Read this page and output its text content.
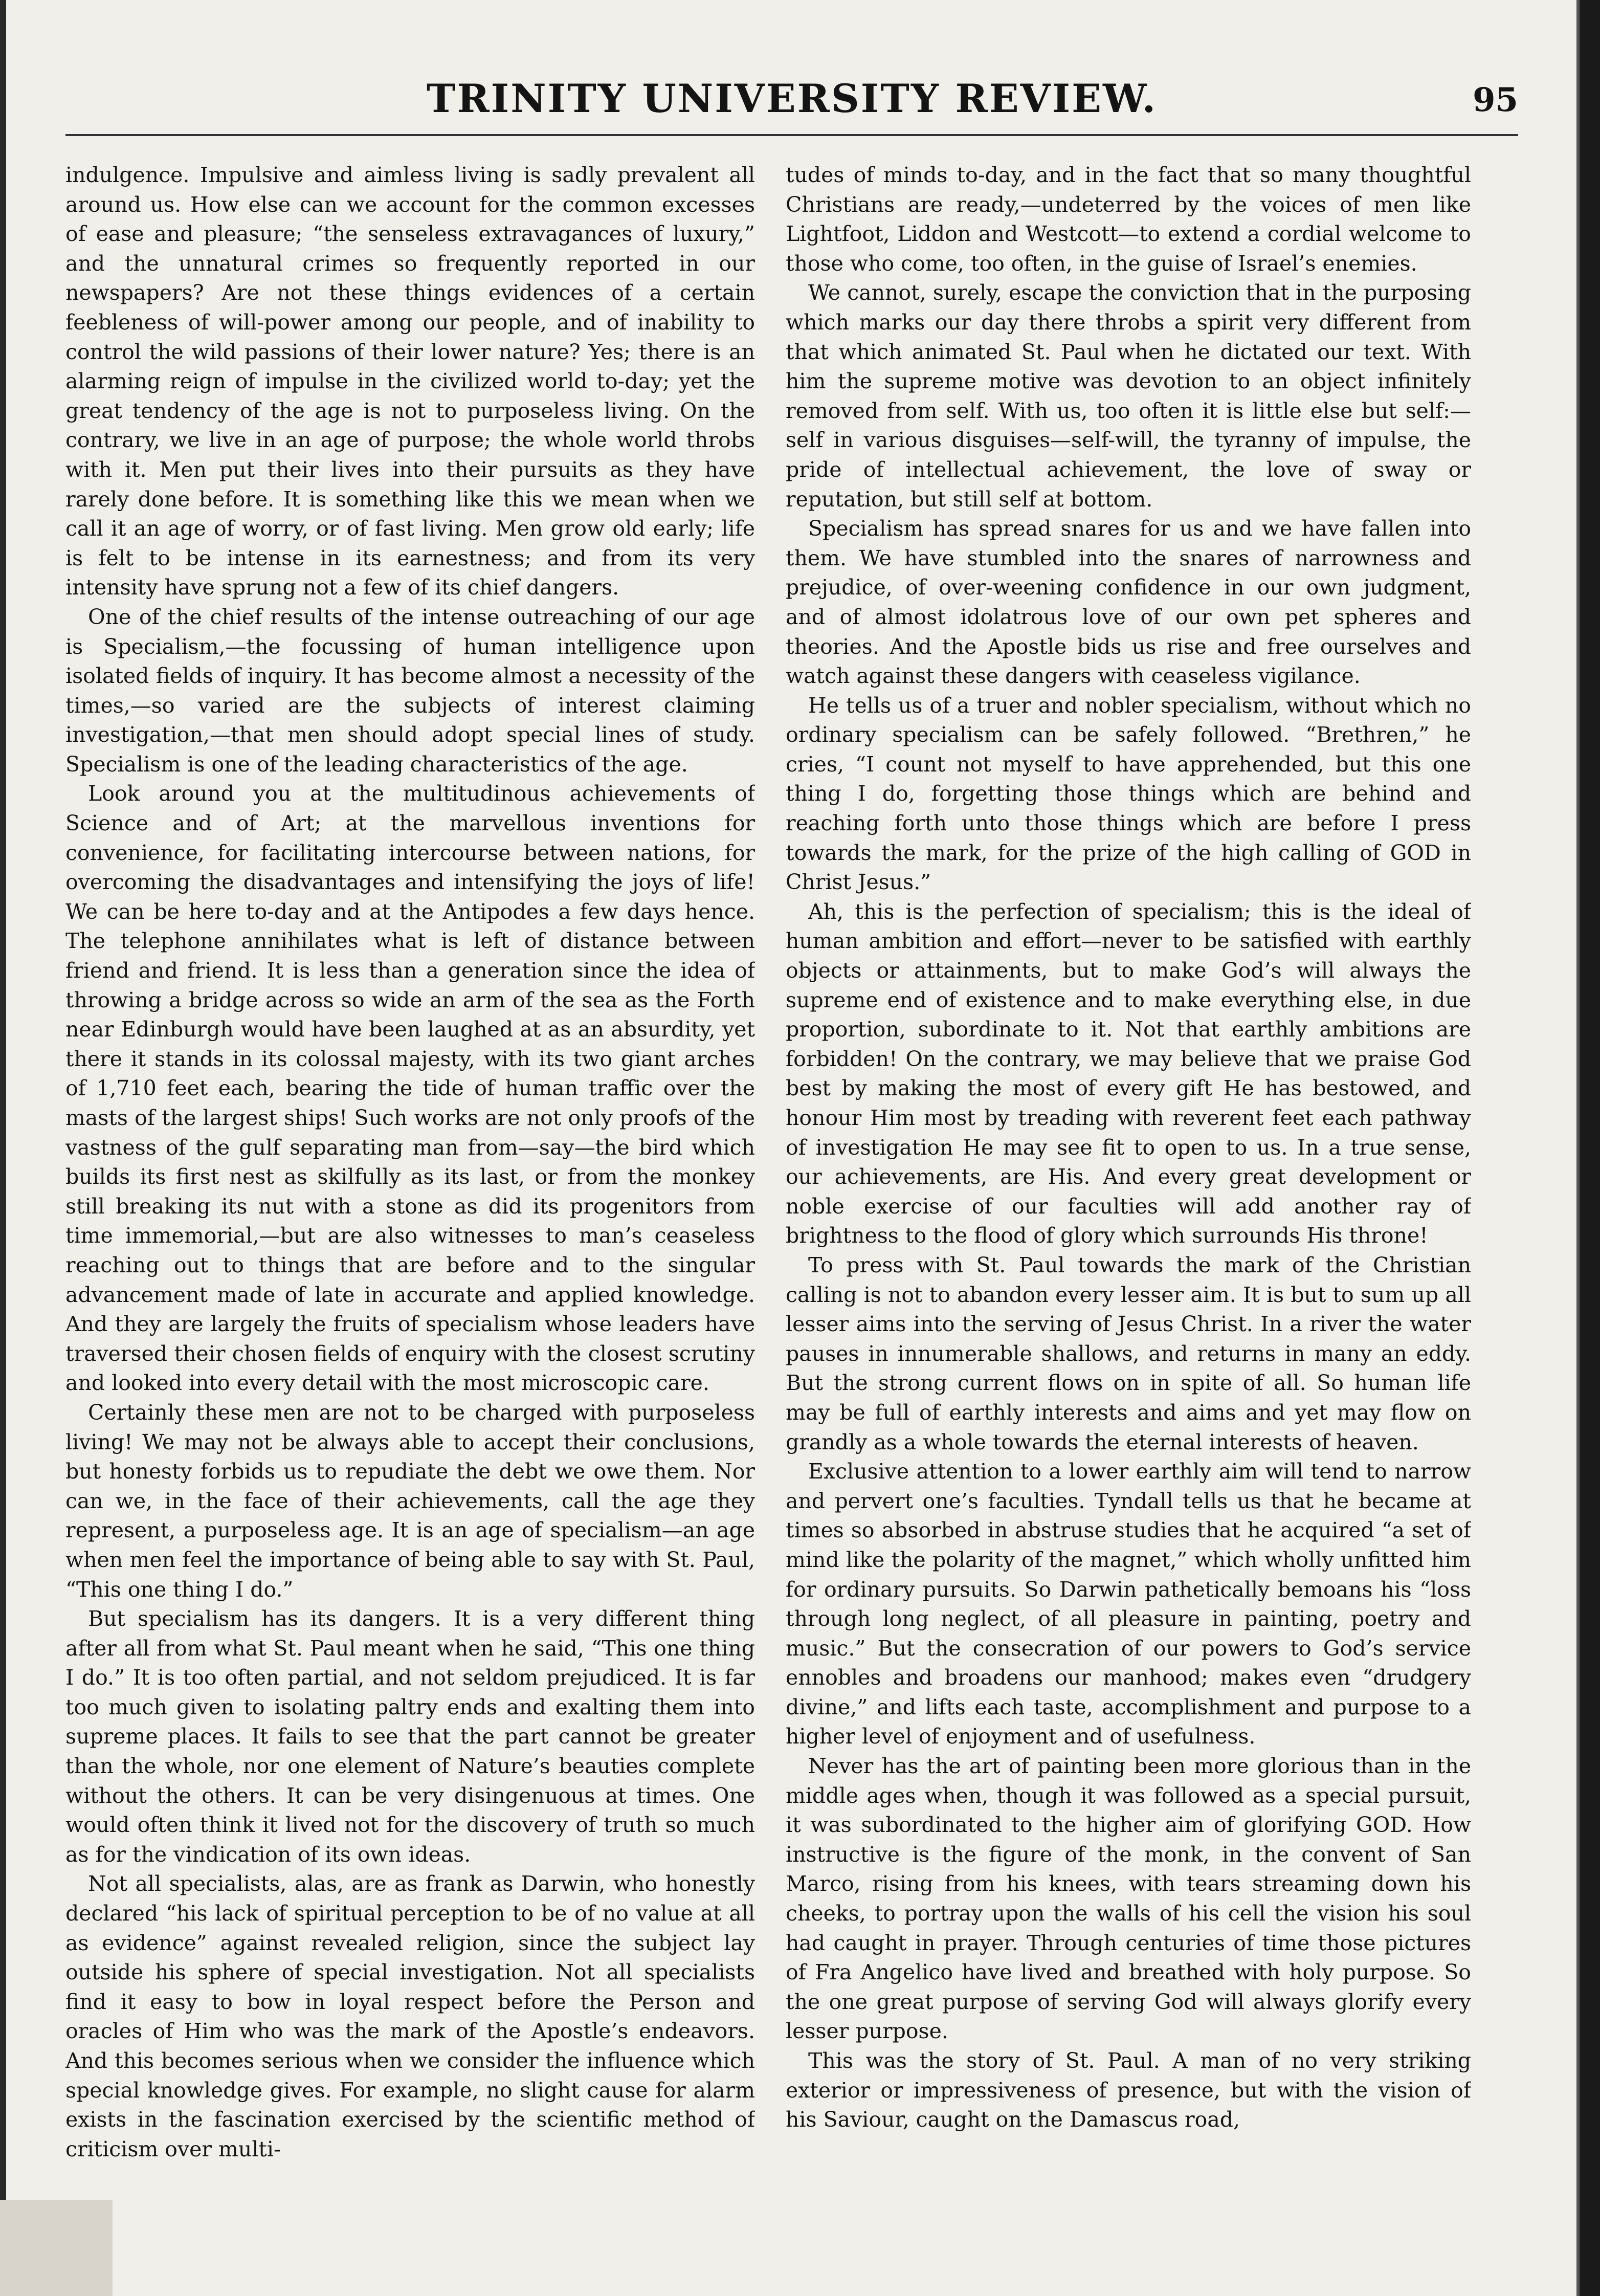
TRINITY UNIVERSITY REVIEW.	95

indulgence. Impulsive and aimless living is sadly prevalent all around us. How else can we account for the common excesses of ease and pleasure; “the senseless extravagances of luxury,” and the unnatural crimes so frequently reported in our newspapers? Are not these things evidences of a certain feebleness of will-power among our people, and of inability to control the wild passions of their lower nature? Yes; there is an alarming reign of impulse in the civilized world to-day; yet the great tendency of the age is not to purposeless living. On the contrary, we live in an age of purpose; the whole world throbs with it. Men put their lives into their pursuits as they have rarely done before. It is something like this we mean when we call it an age of worry, or of fast living. Men grow old early; life is felt to be intense in its earnestness; and from its very intensity have sprung not a few of its chief dangers.

One of the chief results of the intense outreaching of our age is Specialism,—the focussing of human intelligence upon isolated fields of inquiry. It has become almost a necessity of the times,—so varied are the subjects of interest claiming investigation,—that men should adopt special lines of study. Specialism is one of the leading characteristics of the age.

Look around you at the multitudinous achievements of Science and of Art; at the marvellous inventions for convenience, for facilitating intercourse between nations, for overcoming the disadvantages and intensifying the joys of life! We can be here to-day and at the Antipodes a few days hence. The telephone annihilates what is left of distance between friend and friend. It is less than a generation since the idea of throwing a bridge across so wide an arm of the sea as the Forth near Edinburgh would have been laughed at as an absurdity, yet there it stands in its colossal majesty, with its two giant arches of 1,710 feet each, bearing the tide of human traffic over the masts of the largest ships! Such works are not only proofs of the vastness of the gulf separating man from—say—the bird which builds its first nest as skilfully as its last, or from the monkey still breaking its nut with a stone as did its progenitors from time immemorial,—but are also witnesses to man’s ceaseless reaching out to things that are before and to the singular advancement made of late in accurate and applied knowledge. And they are largely the fruits of specialism whose leaders have traversed their chosen fields of enquiry with the closest scrutiny and looked into every detail with the most microscopic care.

Certainly these men are not to be charged with purposeless living! We may not be always able to accept their conclusions, but honesty forbids us to repudiate the debt we owe them. Nor can we, in the face of their achievements, call the age they represent, a purposeless age. It is an age of specialism—an age when men feel the importance of being able to say with St. Paul, “This one thing I do.”

But specialism has its dangers. It is a very different thing after all from what St. Paul meant when he said, “This one thing I do.” It is too often partial, and not seldom prejudiced. It is far too much given to isolating paltry ends and exalting them into supreme places. It fails to see that the part cannot be greater than the whole, nor one element of Nature’s beauties complete without the others. It can be very disingenuous at times. One would often think it lived not for the discovery of truth so much as for the vindication of its own ideas.

Not all specialists, alas, are as frank as Darwin, who honestly declared “his lack of spiritual perception to be of no value at all as evidence” against revealed religion, since the subject lay outside his sphere of special investigation. Not all specialists find it easy to bow in loyal respect before the Person and oracles of Him who was the mark of the Apostle’s endeavors. And this becomes serious when we consider the influence which special knowledge gives. For example, no slight cause for alarm exists in the fascination exercised by the scientific method of criticism over multi-

tudes of minds to-day, and in the fact that so many thoughtful Christians are ready,—undeterred by the voices of men like Lightfoot, Liddon and Westcott—to extend a cordial welcome to those who come, too often, in the guise of Israel’s enemies.

We cannot, surely, escape the conviction that in the purposing which marks our day there throbs a spirit very different from that which animated St. Paul when he dictated our text. With him the supreme motive was devotion to an object infinitely removed from self. With us, too often it is little else but self:—self in various disguises—self-will, the tyranny of impulse, the pride of intellectual achievement, the love of sway or reputation, but still self at bottom.

Specialism has spread snares for us and we have fallen into them. We have stumbled into the snares of narrowness and prejudice, of over-weening confidence in our own judgment, and of almost idolatrous love of our own pet spheres and theories. And the Apostle bids us rise and free ourselves and watch against these dangers with ceaseless vigilance.

He tells us of a truer and nobler specialism, without which no ordinary specialism can be safely followed. “Brethren,” he cries, “I count not myself to have apprehended, but this one thing I do, forgetting those things which are behind and reaching forth unto those things which are before I press towards the mark, for the prize of the high calling of GOD in Christ Jesus.”

Ah, this is the perfection of specialism; this is the ideal of human ambition and effort—never to be satisfied with earthly objects or attainments, but to make God’s will always the supreme end of existence and to make everything else, in due proportion, subordinate to it. Not that earthly ambitions are forbidden! On the contrary, we may believe that we praise God best by making the most of every gift He has bestowed, and honour Him most by treading with reverent feet each pathway of investigation He may see fit to open to us. In a true sense, our achievements, are His. And every great development or noble exercise of our faculties will add another ray of brightness to the flood of glory which surrounds His throne!

To press with St. Paul towards the mark of the Christian calling is not to abandon every lesser aim. It is but to sum up all lesser aims into the serving of Jesus Christ. In a river the water pauses in innumerable shallows, and returns in many an eddy. But the strong current flows on in spite of all. So human life may be full of earthly interests and aims and yet may flow on grandly as a whole towards the eternal interests of heaven.

Exclusive attention to a lower earthly aim will tend to narrow and pervert one’s faculties. Tyndall tells us that he became at times so absorbed in abstruse studies that he acquired “a set of mind like the polarity of the magnet,” which wholly unfitted him for ordinary pursuits. So Darwin pathetically bemoans his “loss through long neglect, of all pleasure in painting, poetry and music.” But the consecration of our powers to God’s service ennobles and broadens our manhood; makes even “drudgery divine,” and lifts each taste, accomplishment and purpose to a higher level of enjoyment and of usefulness.

Never has the art of painting been more glorious than in the middle ages when, though it was followed as a special pursuit, it was subordinated to the higher aim of glorifying GOD. How instructive is the figure of the monk, in the convent of San Marco, rising from his knees, with tears streaming down his cheeks, to portray upon the walls of his cell the vision his soul had caught in prayer. Through centuries of time those pictures of Fra Angelico have lived and breathed with holy purpose. So the one great purpose of serving God will always glorify every lesser purpose.

This was the story of St. Paul. A man of no very striking exterior or impressiveness of presence, but with the vision of his Saviour, caught on the Damascus road,
